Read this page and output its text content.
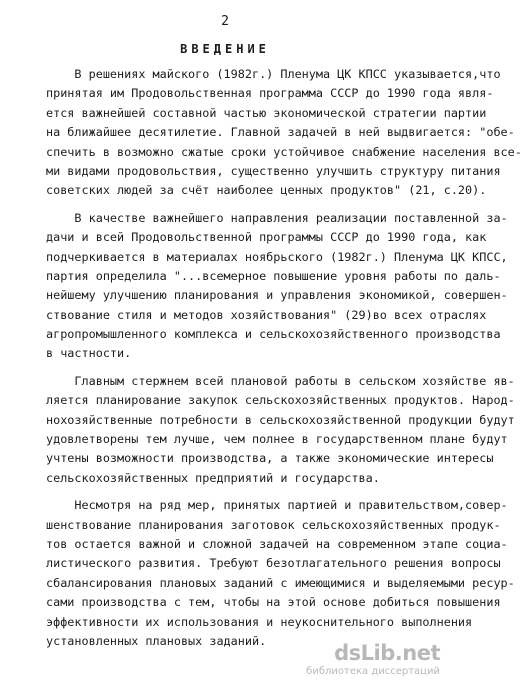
2
ВВЕДЕНИЕ
В решениях майского (1982г.) Пленума ЦК КПСС указывается,что
принятая им Продовольственная программа СССР до 1990 года явля-
ется важнейшей составной частью экономической стратегии партии
на ближайшее десятилетие. Главной задачей в ней выдвигается: "обе-
спечить в возможно сжатые сроки устойчивое снабжение населения все-
ми видами продовольствия, существенно улучшить структуру питания
советских людей за счёт наиболее ценных продуктов" (21, с.20).
В качестве важнейшего направления реализации поставленной за-
дачи и всей Продовольственной программы СССР до 1990 года, как
подчеркивается в материалах ноябрьского (1982г.) Пленума ЦК КПСС,
партия определила "...всемерное повышение уровня работы по даль-
нейшему улучшению планирования и управления экономикой, совершен-
ствование стиля и методов хозяйствования" (29)во всех отраслях
агропромышленного комплекса и сельскохозяйственного производства
в частности.
Главным стержнем всей плановой работы в сельском хозяйстве яв-
ляется планирование закупок сельскохозяйственных продуктов. Народ-
нохозяйственные потребности в сельскохозяйственной продукции будут
удовлетворены тем лучше, чем полнее в государственном плане будут
учтены возможности производства, а также экономические интересы
сельскохозяйственных предприятий и государства.
Несмотря на ряд мер, принятых партией и правительством,совер-
шенствование планирования заготовок сельскохозяйственных продук-
тов остается важной и сложной задачей на современном этапе социа-
листического развития. Требуют безотлагательного решения вопросы
сбалансирования плановых заданий с имеющимися и выделяемыми ресур-
сами производства с тем, чтобы на этой основе добиться повышения
эффективности их использования и неукоснительного выполнения
установленных плановых заданий.
dsLib.net
библиотека диссертаций
